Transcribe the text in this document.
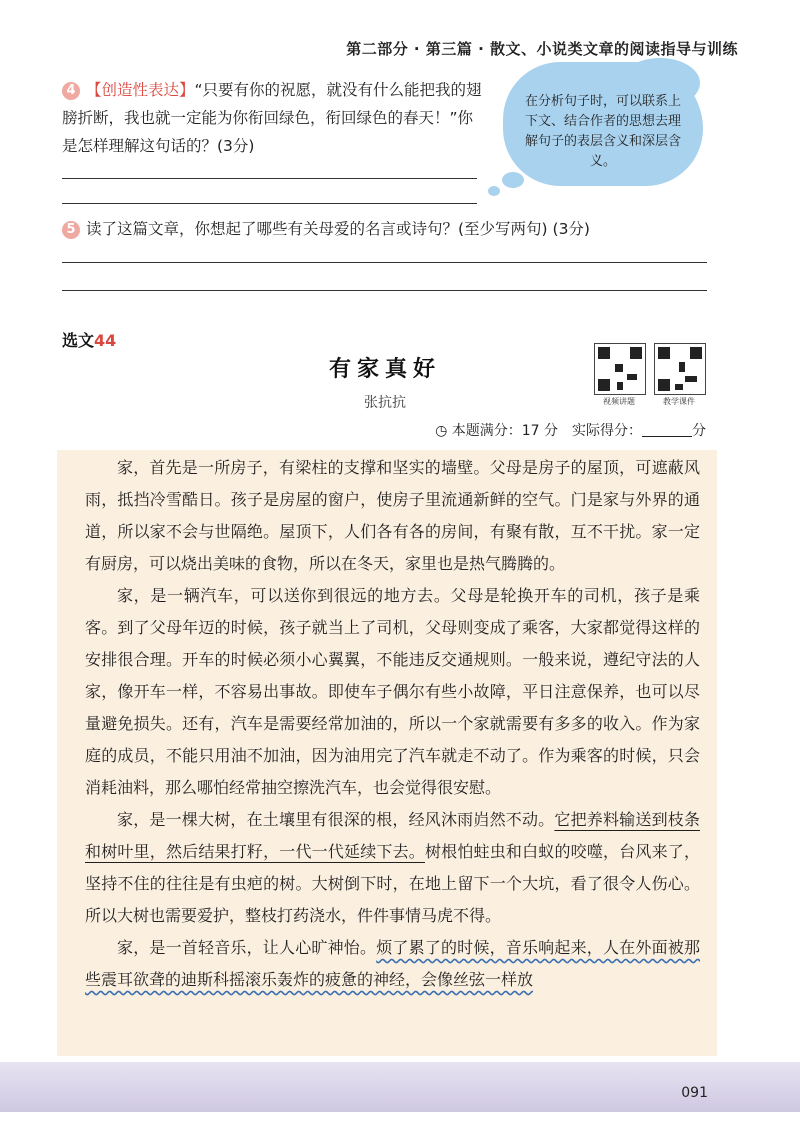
第二部分 · 第三篇 · 散文、小说类文章的阅读指导与训练
4 【创造性表达】“只要有你的祝愿，就没有什么能把我的翅膀折断，我也就一定能为你衔回绿色，衔回绿色的春天！”你是怎样理解这句话的？(3分)
在分析句子时，可以联系上下文、结合作者的思想去理解句子的表层含义和深层含义。
5 读了这篇文章，你想起了哪些有关母爱的名言或诗句？(至少写两句) (3分)
选文44
有家真好
张抗抗	视频讲题	教学课件
◷ 本题满分：17 分　实际得分：	分

家，首先是一所房子，有梁柱的支撑和坚实的墙壁。父母是房子的屋顶，可遮蔽风雨，抵挡冷雪酷日。孩子是房屋的窗户，使房子里流通新鲜的空气。门是家与外界的通道，所以家不会与世隔绝。屋顶下，人们各有各的房间，有聚有散，互不干扰。家一定有厨房，可以烧出美味的食物，所以在冬天，家里也是热气腾腾的。

家，是一辆汽车，可以送你到很远的地方去。父母是轮换开车的司机，孩子是乘客。到了父母年迈的时候，孩子就当上了司机，父母则变成了乘客，大家都觉得这样的安排很合理。开车的时候必须小心翼翼，不能违反交通规则。一般来说，遵纪守法的人家，像开车一样，不容易出事故。即使车子偶尔有些小故障，平日注意保养，也可以尽量避免损失。还有，汽车是需要经常加油的，所以一个家就需要有多多的收入。作为家庭的成员，不能只用油不加油，因为油用完了汽车就走不动了。作为乘客的时候，只会消耗油料，那么哪怕经常抽空擦洗汽车，也会觉得很安慰。

家，是一棵大树，在土壤里有很深的根，经风沐雨岿然不动。它把养料输送到枝条和树叶里，然后结果打籽，一代一代延续下去。树根怕蛀虫和白蚁的咬噬，台风来了，坚持不住的往往是有虫疤的树。大树倒下时，在地上留下一个大坑，看了很令人伤心。所以大树也需要爱护，整枝打药浇水，件件事情马虎不得。

家，是一首轻音乐，让人心旷神怡。烦了累了的时候，音乐响起来，人在外面被那些震耳欲聋的迪斯科摇滚乐轰炸的疲惫的神经，会像丝弦一样放

091
